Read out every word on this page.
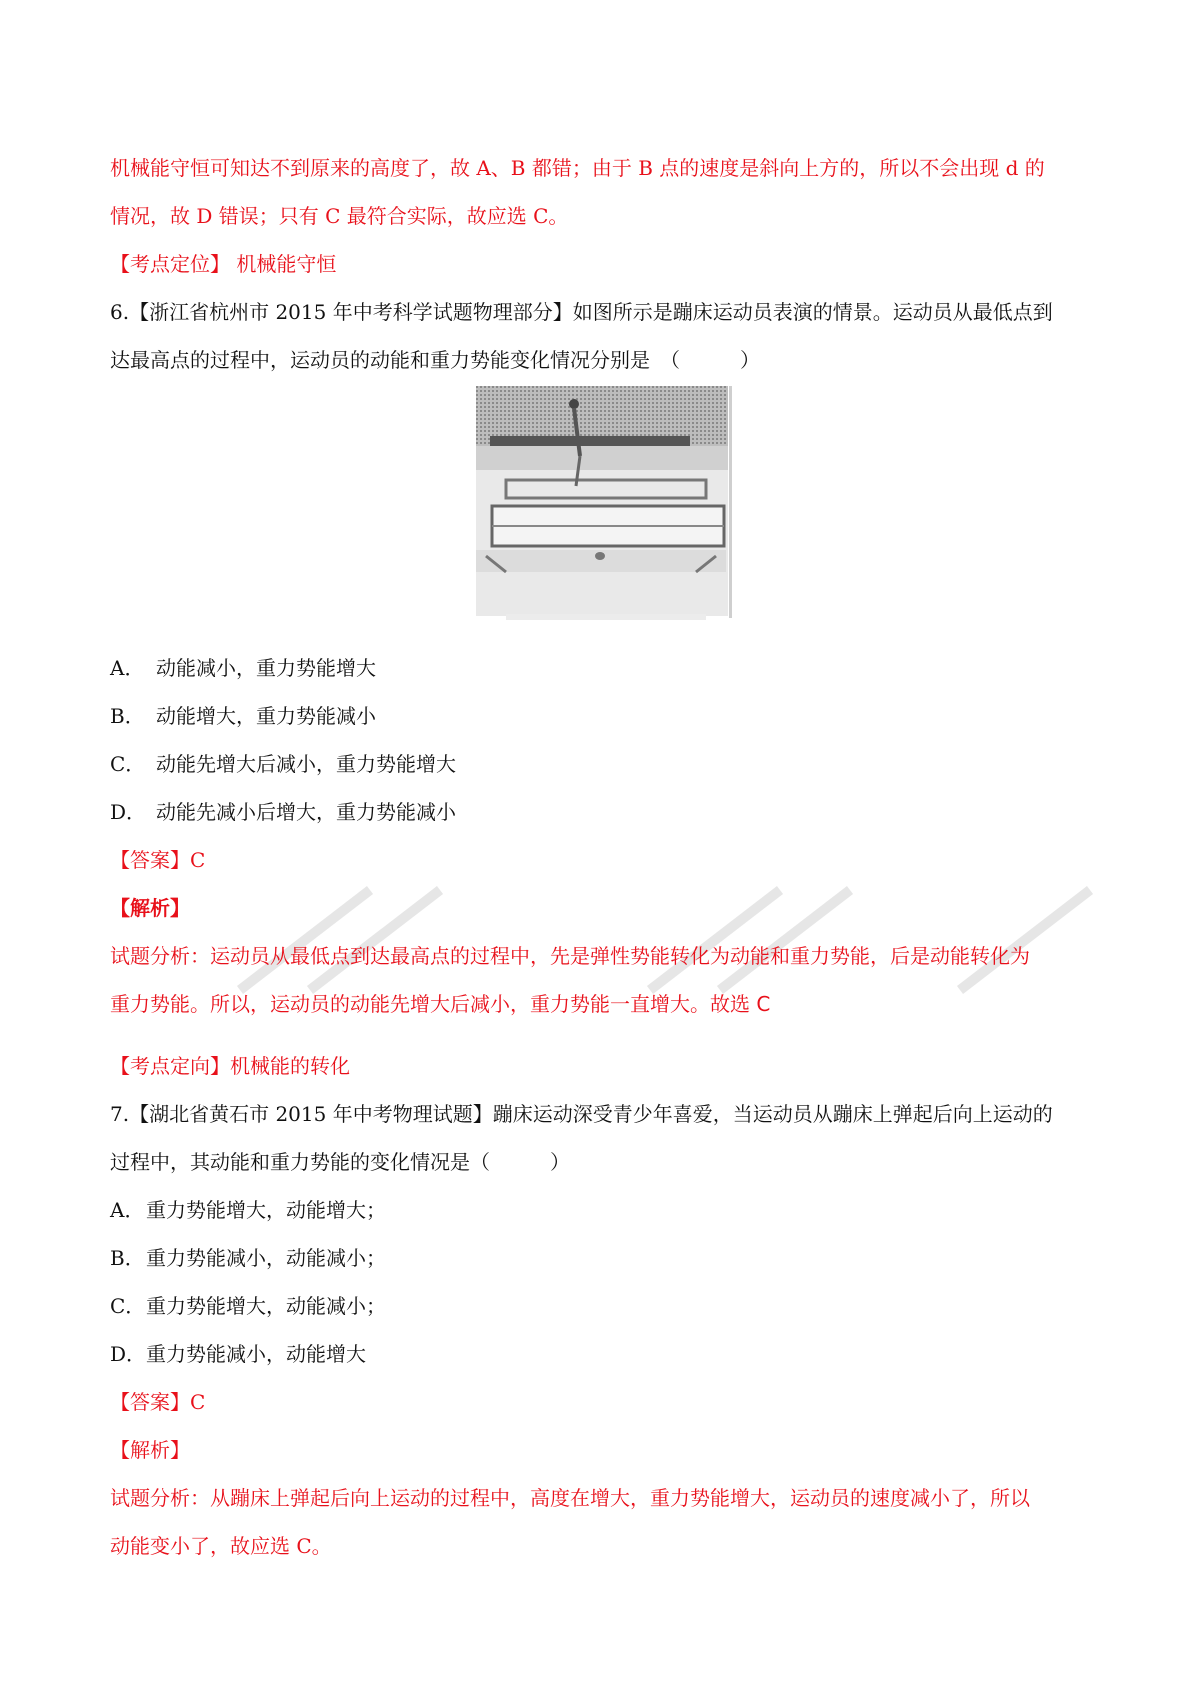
机械能守恒可知达不到原来的高度了，故 A、B 都错；由于 B 点的速度是斜向上方的，所以不会出现 d 的
情况，故 D 错误；只有 C 最符合实际，故应选 C。
【考点定位】 机械能守恒
6.【浙江省杭州市 2015 年中考科学试题物理部分】如图所示是蹦床运动员表演的情景。运动员从最低点到
达最高点的过程中，运动员的动能和重力势能变化情况分别是　（　　　）
A． 动能减小，重力势能增大
B． 动能增大，重力势能减小
C． 动能先增大后减小，重力势能增大
D． 动能先减小后增大，重力势能减小
【答案】C
【解析】
试题分析：运动员从最低点到达最高点的过程中，先是弹性势能转化为动能和重力势能，后是动能转化为
重力势能。所以，运动员的动能先增大后减小，重力势能一直增大。故选 C
【考点定向】机械能的转化
7.【湖北省黄石市 2015 年中考物理试题】蹦床运动深受青少年喜爱，当运动员从蹦床上弹起后向上运动的
过程中，其动能和重力势能的变化情况是（　　　）
A．重力势能增大，动能增大；
B．重力势能减小，动能减小；
C．重力势能增大，动能减小；
D．重力势能减小，动能增大
【答案】C
【解析】
试题分析：从蹦床上弹起后向上运动的过程中，高度在增大，重力势能增大，运动员的速度减小了，所以
动能变小了，故应选 C。
